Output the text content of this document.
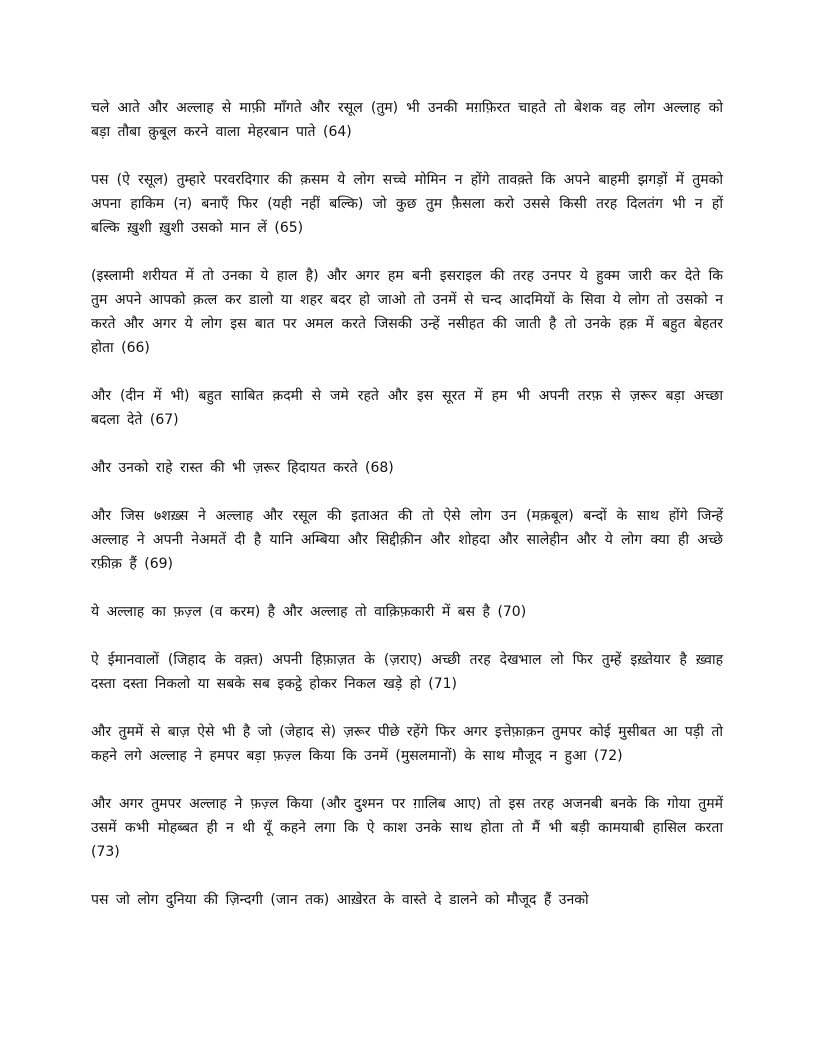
चले आते और अल्लाह से माफ़ी माँगते और रसूल (तुम) भी उनकी मग़फ़िरत चाहते तो बेशक वह लोग अल्लाह को बड़ा तौबा क़ुबूल करने वाला मेहरबान पाते (64)

पस (ऐ रसूल) तुम्हारे परवरदिगार की क़सम ये लोग सच्चे मोमिन न होंगे तावक़्ते कि अपने बाहमी झगड़ों में तुमको अपना हाकिम (न) बनाएँ फिर (यही नहीं बल्कि) जो कुछ तुम फ़ैसला करो उससे किसी तरह दिलतंग भी न हों बल्कि ख़ुशी ख़ुशी उसको मान लें (65)

(इस्लामी शरीयत में तो उनका ये हाल है) और अगर हम बनी इसराइल की तरह उनपर ये हुक्म जारी कर देते कि तुम अपने आपको क़त्ल कर डालो या शहर बदर हो जाओ तो उनमें से चन्द आदमियों के सिवा ये लोग तो उसको न करते और अगर ये लोग इस बात पर अमल करते जिसकी उन्हें नसीहत की जाती है तो उनके हक़ में बहुत बेहतर होता (66)

और (दीन में भी) बहुत साबित क़दमी से जमे रहते और इस सूरत में हम भी अपनी तरफ़ से ज़रूर बड़ा अच्छा बदला देते (67)

और उनको राहे रास्त की भी ज़रूर हिदायत करते (68)

और जिस ७शख़्स ने अल्लाह और रसूल की इताअत की तो ऐसे लोग उन (मक़बूल) बन्दों के साथ होंगे जिन्हें अल्लाह ने अपनी नेअमतें दी है यानि अम्बिया और सिद्दीक़ीन और शोहदा और सालेहीन और ये लोग क्या ही अच्छे रफ़ीक़ हैं (69)

ये अल्लाह का फ़ज़्ल (व करम) है और अल्लाह तो वाक़िफ़कारी में बस है (70)

ऐ ईमानवालों (जिहाद के वक़्त) अपनी हिफ़ाज़त के (ज़राए) अच्छी तरह देखभाल लो फिर तुम्हें इख़्तेयार है ख़्वाह दस्ता दस्ता निकलो या सबके सब इकट्ठे होकर निकल खड़े हो (71)

और तुममें से बाज़ ऐसे भी है जो (जेहाद से) ज़रूर पीछे रहेंगे फिर अगर इत्तेफ़ाक़न तुमपर कोई मुसीबत आ पड़ी तो कहने लगे अल्लाह ने हमपर बड़ा फ़ज़्ल किया कि उनमें (मुसलमानों) के साथ मौजूद न हुआ (72)

और अगर तुमपर अल्लाह ने फ़ज़्ल किया (और दुश्मन पर ग़ालिब आए) तो इस तरह अजनबी बनके कि गोया तुममें उसमें कभी मोहब्बत ही न थी यूँ कहने लगा कि ऐ काश उनके साथ होता तो मैं भी बड़ी कामयाबी हासिल करता (73)

पस जो लोग दुनिया की ज़िन्दगी (जान तक) आख़ेरत के वास्ते दे डालने को मौजूद हैं उनको
